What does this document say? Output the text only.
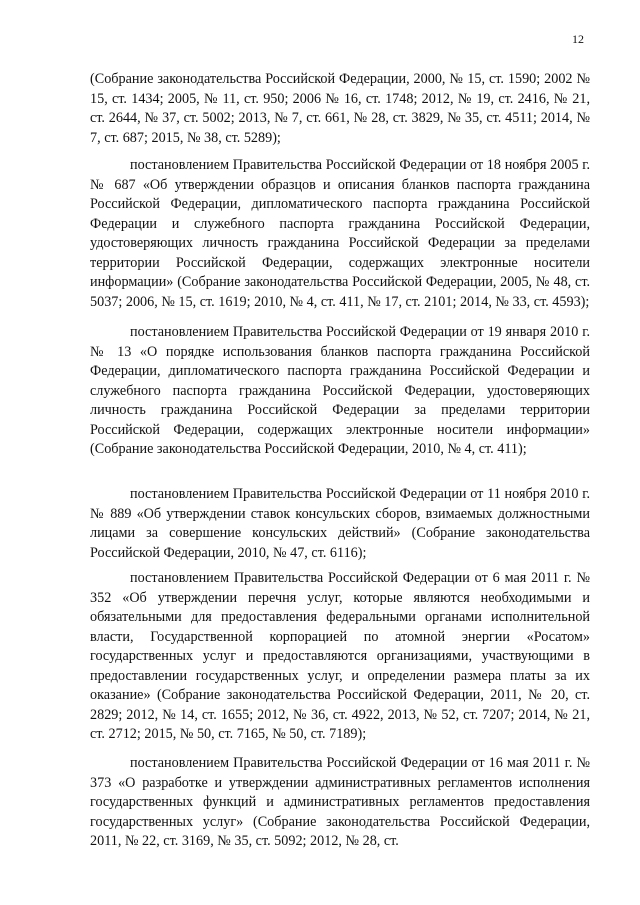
12

(Собрание законодательства Российской Федерации, 2000, № 15, ст. 1590; 2002 № 15, ст. 1434; 2005, № 11, ст. 950; 2006 № 16, ст. 1748; 2012, № 19, ст. 2416, № 21, ст. 2644, № 37, ст. 5002; 2013, № 7, ст. 661, № 28, ст. 3829, № 35, ст. 4511; 2014, № 7, ст. 687; 2015, № 38, ст. 5289);

постановлением Правительства Российской Федерации от 18 ноября 2005 г. № 687 «Об утверждении образцов и описания бланков паспорта гражданина Российской Федерации, дипломатического паспорта гражданина Российской Федерации и служебного паспорта гражданина Российской Федерации, удостоверяющих личность гражданина Российской Федерации за пределами территории Российской Федерации, содержащих электронные носители информации» (Собрание законодательства Российской Федерации, 2005, № 48, ст. 5037; 2006, № 15, ст. 1619; 2010, № 4, ст. 411, № 17, ст. 2101; 2014, № 33, ст. 4593);

постановлением Правительства Российской Федерации от 19 января 2010 г. № 13 «О порядке использования бланков паспорта гражданина Российской Федерации, дипломатического паспорта гражданина Российской Федерации и служебного паспорта гражданина Российской Федерации, удостоверяющих личность гражданина Российской Федерации за пределами территории Российской Федерации, содержащих электронные носители информации» (Собрание законодательства Российской Федерации, 2010, № 4, ст. 411);

постановлением Правительства Российской Федерации от 11 ноября 2010 г. № 889 «Об утверждении ставок консульских сборов, взимаемых должностными лицами за совершение консульских действий» (Собрание законодательства Российской Федерации, 2010, № 47, ст. 6116);

постановлением Правительства Российской Федерации от 6 мая 2011 г. № 352 «Об утверждении перечня услуг, которые являются необходимыми и обязательными для предоставления федеральными органами исполнительной власти, Государственной корпорацией по атомной энергии «Росатом» государственных услуг и предоставляются организациями, участвующими в предоставлении государственных услуг, и определении размера платы за их оказание» (Собрание законодательства Российской Федерации, 2011, № 20, ст. 2829; 2012, № 14, ст. 1655; 2012, № 36, ст. 4922, 2013, № 52, ст. 7207; 2014, № 21, ст. 2712; 2015, № 50, ст. 7165, № 50, ст. 7189);

постановлением Правительства Российской Федерации от 16 мая 2011 г. № 373 «О разработке и утверждении административных регламентов исполнения государственных функций и административных регламентов предоставления государственных услуг» (Собрание законодательства Российской Федерации, 2011, № 22, ст. 3169, № 35, ст. 5092; 2012, № 28, ст.
